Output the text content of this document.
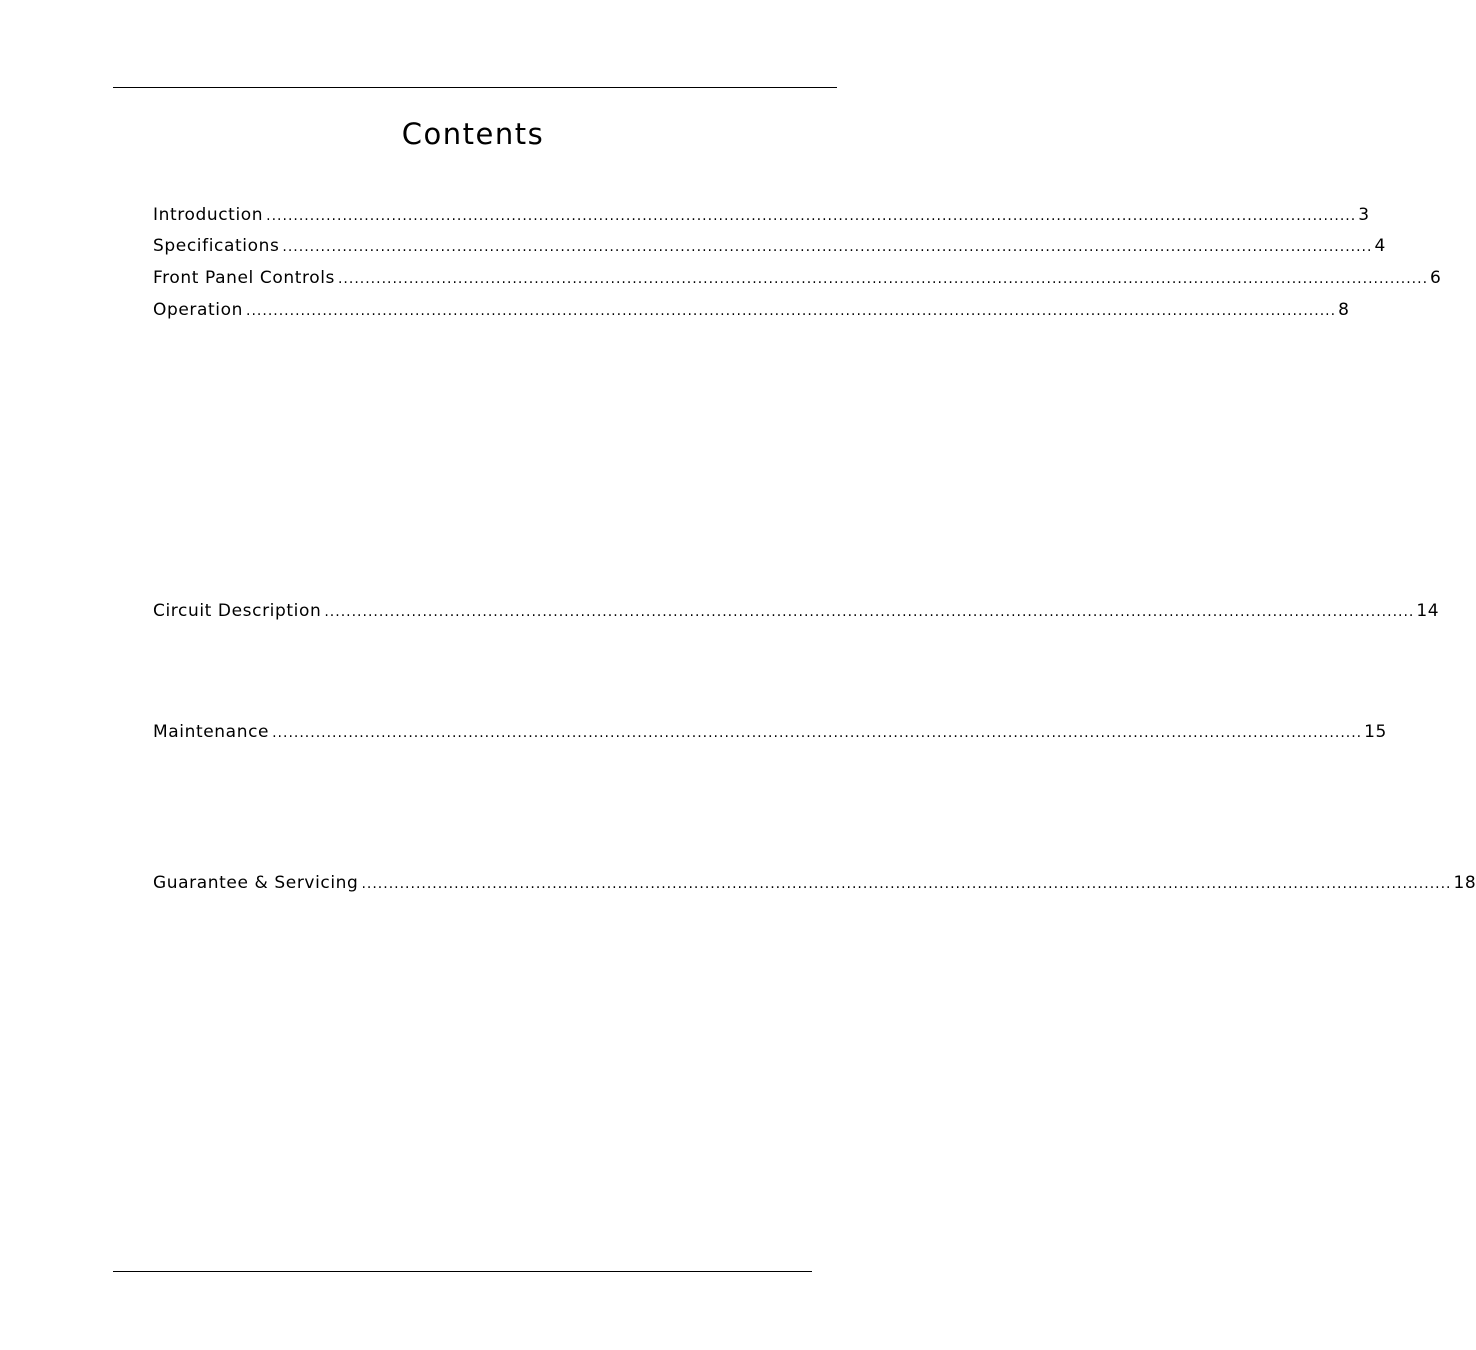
Contents
Introduction ........................................................................................................................................................................................................ 3
Specifications ........................................................................................................................................................................................................ 4
Front Panel Controls ........................................................................................................................................................................................................ 6
Operation ........................................................................................................................................................................................................ 8
Circuit Description ........................................................................................................................................................................................................ 14
Maintenance ........................................................................................................................................................................................................ 15
Guarantee & Servicing ........................................................................................................................................................................................................ 18
